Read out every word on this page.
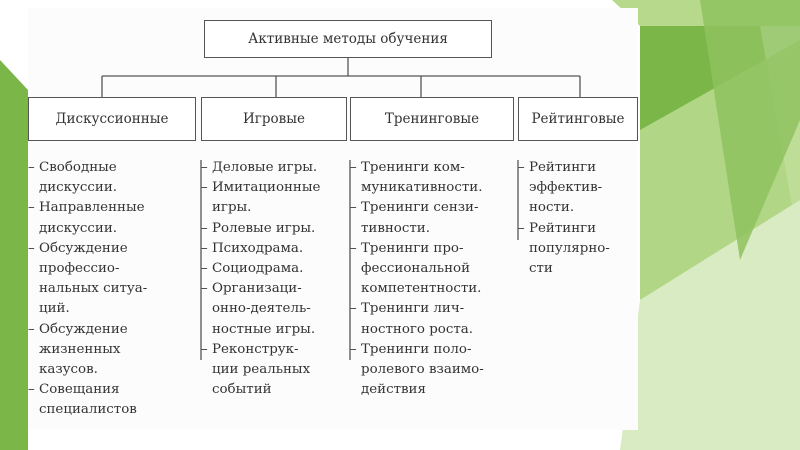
Активные методы обучения
Дискуссионные	Игровые	Тренинговые	Рейтинговые
– Свободные
дискуссии.
– Направленные
дискуссии.
– Обсуждение
профессио-
нальных ситуа-
ций.
– Обсуждение
жизненных
казусов.
– Совещания
специалистов
– Деловые игры.
– Имитационные
игры.
– Ролевые игры.
– Психодрама.
– Социодрама.
– Организаци-
онно-деятель-
ностные игры.
– Реконструк-
ции реальных
событий
– Тренинги ком-
муникативности.
– Тренинги сензи-
тивности.
– Тренинги про-
фессиональной
компетентности.
– Тренинги лич-
ностного роста.
– Тренинги поло-
ролевого взаимо-
действия
– Рейтинги
эффектив-
ности.
– Рейтинги
популярно-
сти
